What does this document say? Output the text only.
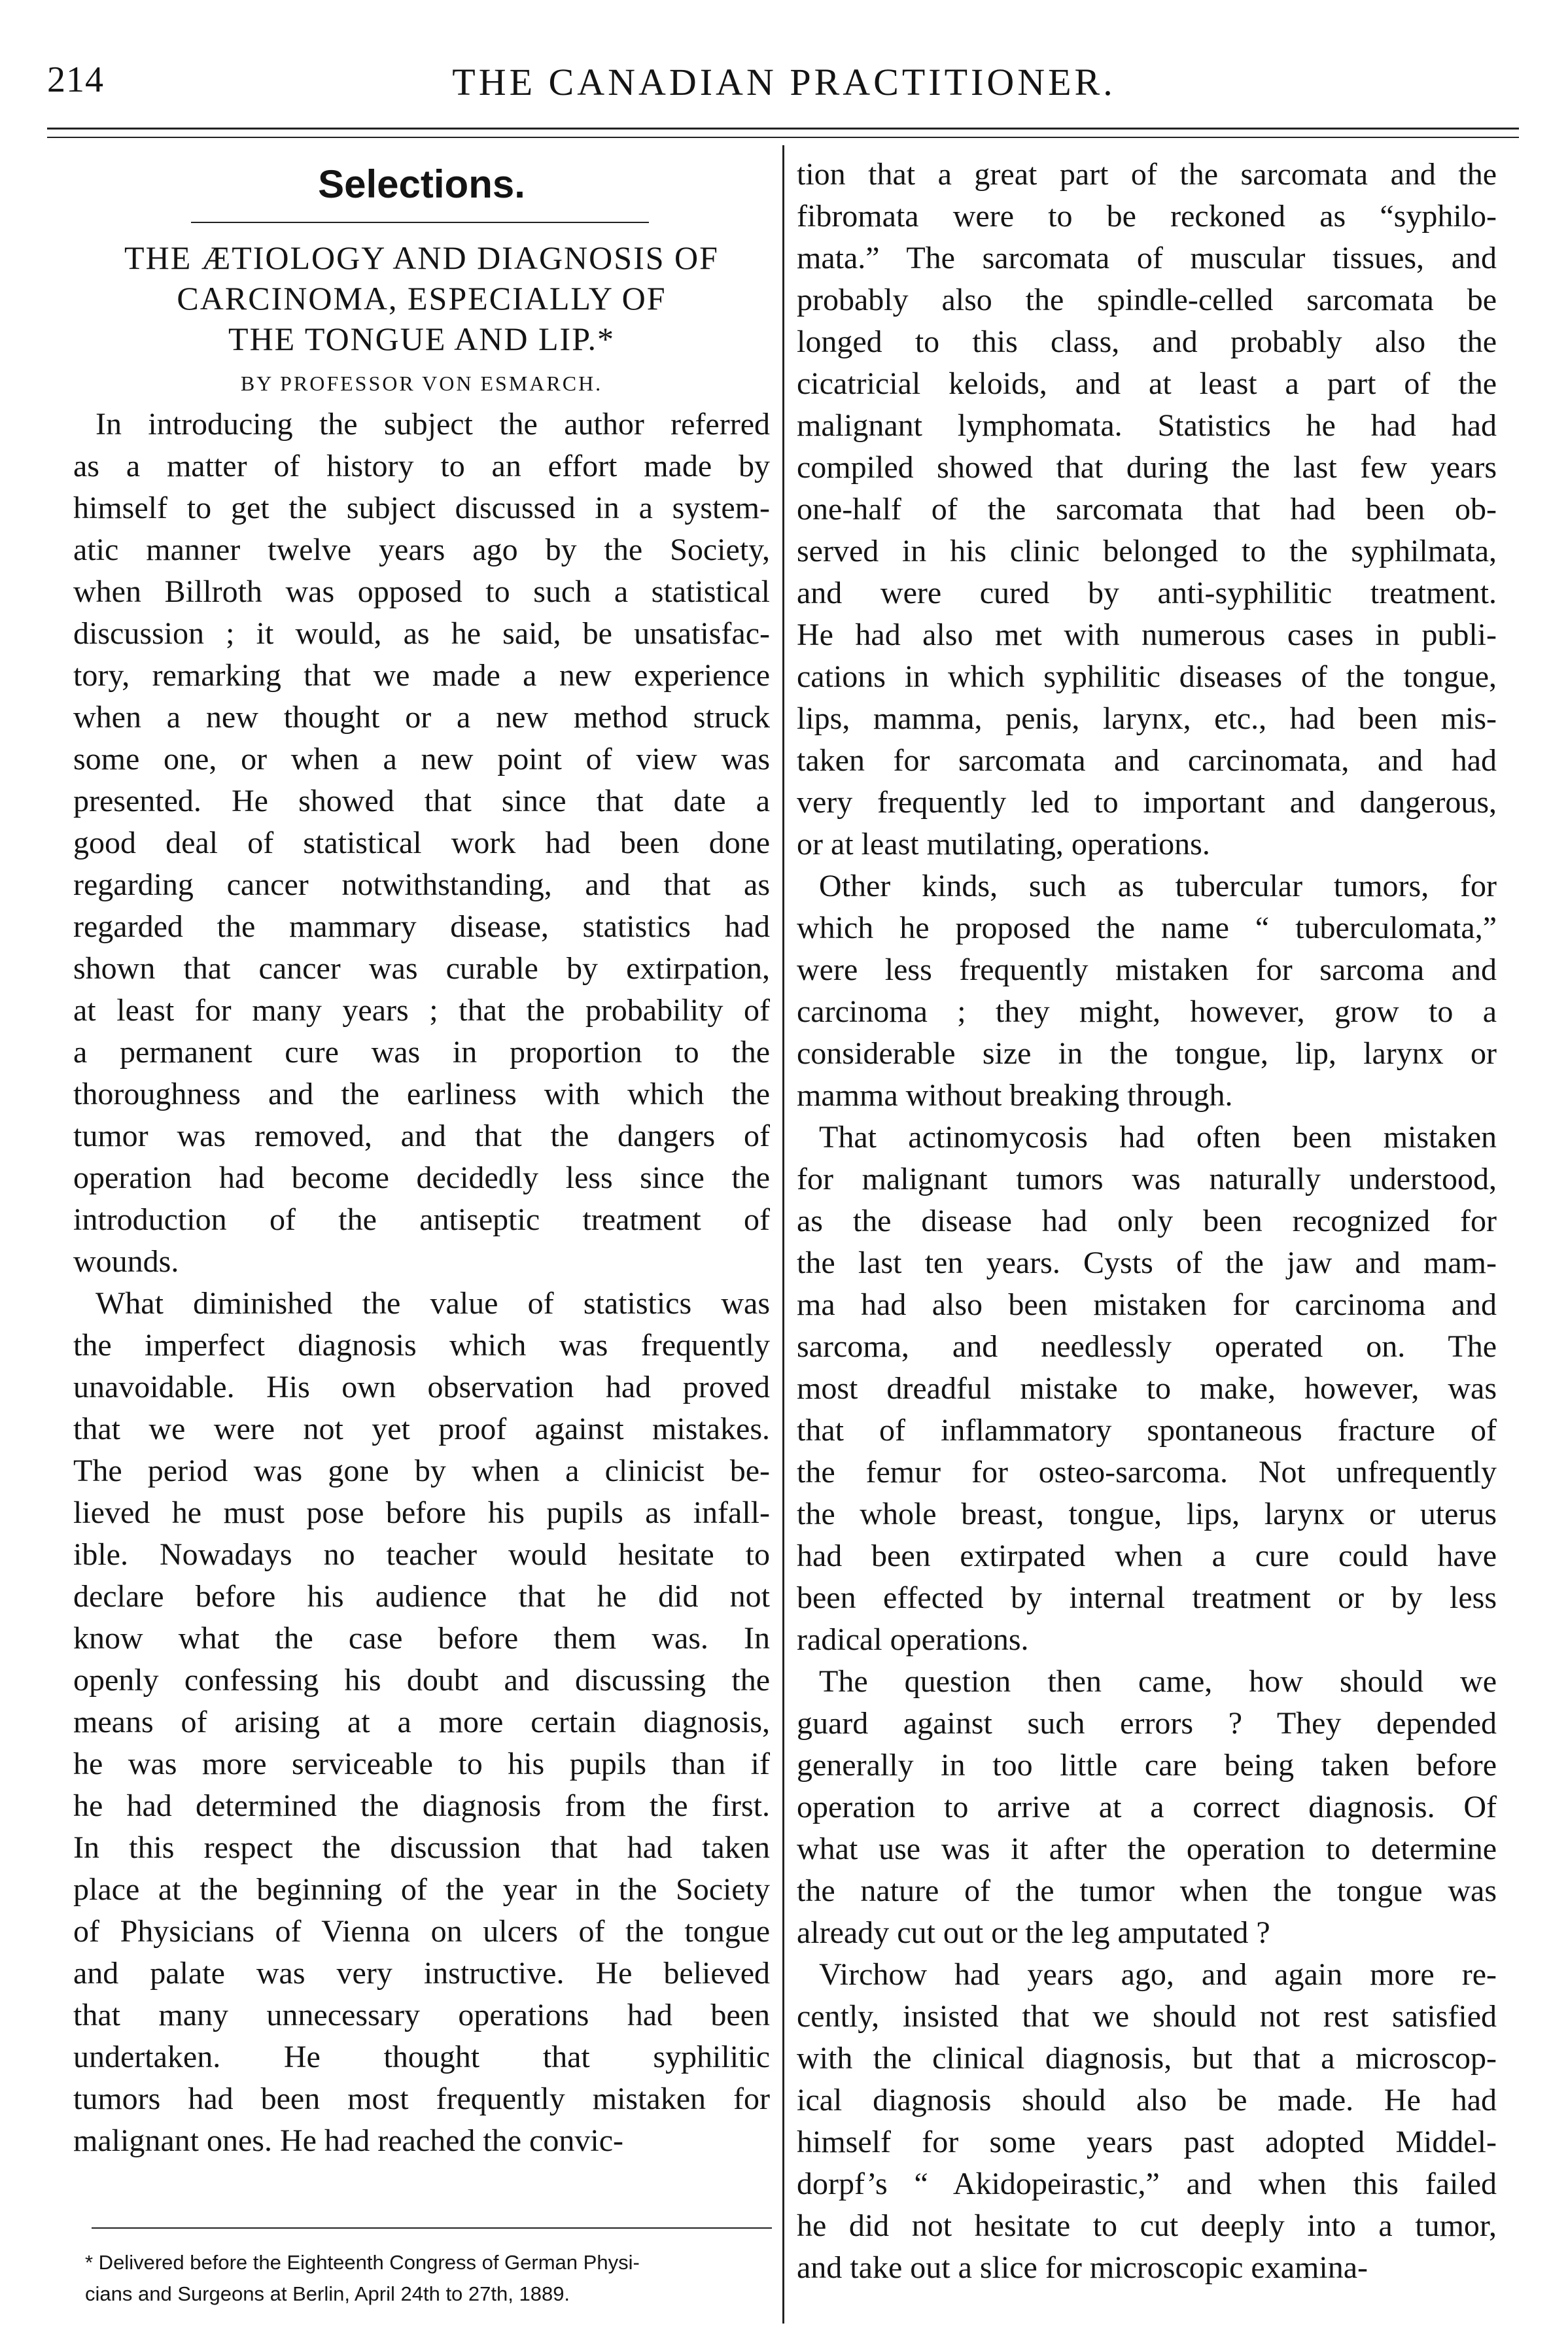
214	THE CANADIAN PRACTITIONER.
Selections.
THE ÆTIOLOGY AND DIAGNOSIS OF
CARCINOMA, ESPECIALLY OF
THE TONGUE AND LIP.*
BY PROFESSOR VON ESMARCH.
In introducing the subject the author referred
as a matter of history to an effort made by
himself to get the subject discussed in a system-
atic manner twelve years ago by the Society,
when Billroth was opposed to such a statistical
discussion ; it would, as he said, be unsatisfac-
tory, remarking that we made a new experience
when a new thought or a new method struck
some one, or when a new point of view was
presented. He showed that since that date a
good deal of statistical work had been done
regarding cancer notwithstanding, and that as
regarded the mammary disease, statistics had
shown that cancer was curable by extirpation,
at least for many years ; that the probability of
a permanent cure was in proportion to the
thoroughness and the earliness with which the
tumor was removed, and that the dangers of
operation had become decidedly less since the
introduction of the antiseptic treatment of
wounds.
What diminished the value of statistics was
the imperfect diagnosis which was frequently
unavoidable. His own observation had proved
that we were not yet proof against mistakes.
The period was gone by when a clinicist be-
lieved he must pose before his pupils as infall-
ible. Nowadays no teacher would hesitate to
declare before his audience that he did not
know what the case before them was. In
openly confessing his doubt and discussing the
means of arising at a more certain diagnosis,
he was more serviceable to his pupils than if
he had determined the diagnosis from the first.
In this respect the discussion that had taken
place at the beginning of the year in the Society
of Physicians of Vienna on ulcers of the tongue
and palate was very instructive. He believed
that many unnecessary operations had been
undertaken. He thought that syphilitic
tumors had been most frequently mistaken for
malignant ones. He had reached the convic-
tion that a great part of the sarcomata and the
fibromata were to be reckoned as “syphilo-
mata.” The sarcomata of muscular tissues, and
probably also the spindle-celled sarcomata be
longed to this class, and probably also the
cicatricial keloids, and at least a part of the
malignant lymphomata. Statistics he had had
compiled showed that during the last few years
one-half of the sarcomata that had been ob-
served in his clinic belonged to the syphilmata,
and were cured by anti-syphilitic treatment.
He had also met with numerous cases in publi-
cations in which syphilitic diseases of the tongue,
lips, mamma, penis, larynx, etc., had been mis-
taken for sarcomata and carcinomata, and had
very frequently led to important and dangerous,
or at least mutilating, operations.
Other kinds, such as tubercular tumors, for
which he proposed the name “ tuberculomata,”
were less frequently mistaken for sarcoma and
carcinoma ; they might, however, grow to a
considerable size in the tongue, lip, larynx or
mamma without breaking through.
That actinomycosis had often been mistaken
for malignant tumors was naturally understood,
as the disease had only been recognized for
the last ten years. Cysts of the jaw and mam-
ma had also been mistaken for carcinoma and
sarcoma, and needlessly operated on. The
most dreadful mistake to make, however, was
that of inflammatory spontaneous fracture of
the femur for osteo-sarcoma. Not unfrequently
the whole breast, tongue, lips, larynx or uterus
had been extirpated when a cure could have
been effected by internal treatment or by less
radical operations.
The question then came, how should we
guard against such errors ? They depended
generally in too little care being taken before
operation to arrive at a correct diagnosis. Of
what use was it after the operation to determine
the nature of the tumor when the tongue was
already cut out or the leg amputated ?
Virchow had years ago, and again more re-
cently, insisted that we should not rest satisfied
with the clinical diagnosis, but that a microscop-
ical diagnosis should also be made. He had
himself for some years past adopted Middel-
dorpf’s “ Akidopeirastic,” and when this failed
he did not hesitate to cut deeply into a tumor,
and take out a slice for microscopic examina-
* Delivered before the Eighteenth Congress of German Physi-
cians and Surgeons at Berlin, April 24th to 27th, 1889.
